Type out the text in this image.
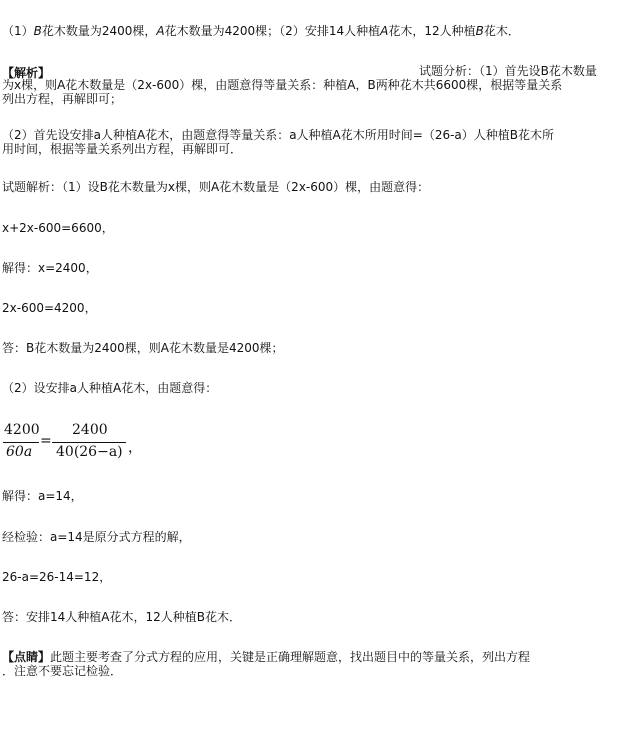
（1）B花木数量为2400棵，A花木数量为4200棵；（2）安排14人种植A花木，12人种植B花木．
【解析】	试题分析：（1）首先设B花木数量
为x棵，则A花木数量是（2x-600）棵，由题意得等量关系：种植A，B两种花木共6600棵，根据等量关系
列出方程，再解即可；
（2）首先设安排a人种植A花木，由题意得等量关系：a人种植A花木所用时间=（26-a）人种植B花木所
用时间，根据等量关系列出方程，再解即可．
试题解析：（1）设B花木数量为x棵，则A花木数量是（2x-600）棵，由题意得：
x+2x-600=6600，
解得：x=2400，
2x-600=4200，
答：B花木数量为2400棵，则A花木数量是4200棵；
（2）设安排a人种植A花木，由题意得：
4200
60a
=
2400
40(26−a) ，
解得：a=14，
经检验：a=14是原分式方程的解，
26-a=26-14=12，
答：安排14人种植A花木，12人种植B花木．
【点睛】此题主要考查了分式方程的应用，关键是正确理解题意，找出题目中的等量关系，列出方程
．注意不要忘记检验．
